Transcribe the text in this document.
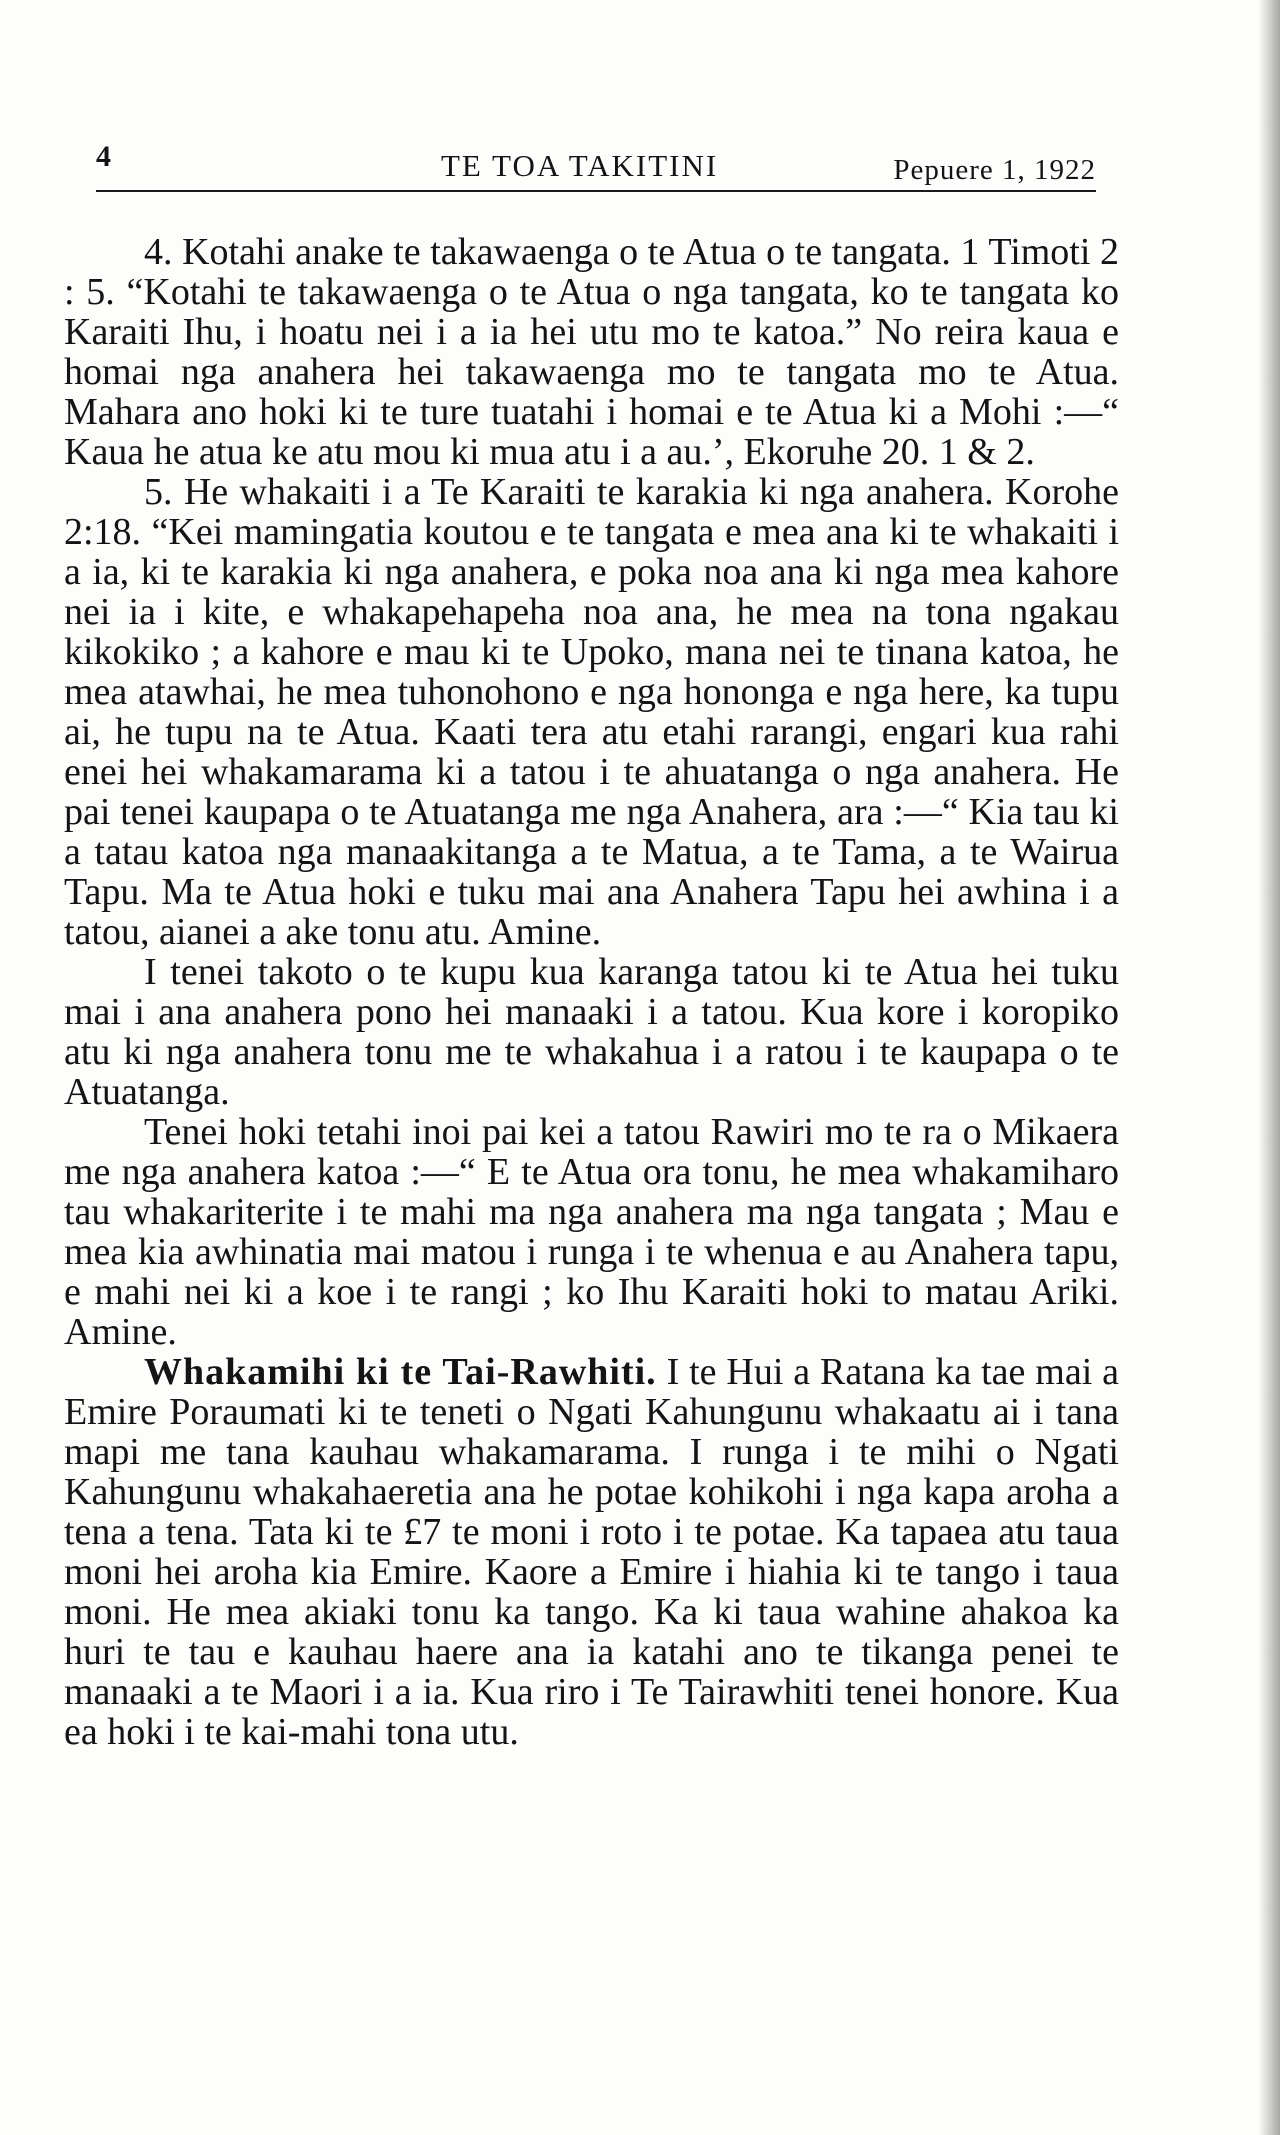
4	TE TOA TAKITINI	Pepuere 1, 1922

4. Kotahi anake te takawaenga o te Atua o te tangata. 1 Timoti 2 : 5. “Kotahi te takawaenga o te Atua o nga tangata, ko te tangata ko Karaiti Ihu, i hoatu nei i a ia hei utu mo te katoa.” No reira kaua e homai nga anahera hei takawaenga mo te tangata mo te Atua. Mahara ano hoki ki te ture tuatahi i homai e te Atua ki a Mohi :—“ Kaua he atua ke atu mou ki mua atu i a au.’, Ekoruhe 20. 1 & 2.

5. He whakaiti i a Te Karaiti te karakia ki nga anahera. Korohe 2:18. “Kei mamingatia koutou e te tangata e mea ana ki te whakaiti i a ia, ki te karakia ki nga anahera, e poka noa ana ki nga mea kahore nei ia i kite, e whakapehapeha noa ana, he mea na tona ngakau kikokiko ; a kahore e mau ki te Upoko, mana nei te tinana katoa, he mea atawhai, he mea tuhonohono e nga hononga e nga here, ka tupu ai, he tupu na te Atua. Kaati tera atu etahi rarangi, engari kua rahi enei hei whakamarama ki a tatou i te ahuatanga o nga anahera. He pai tenei kaupapa o te Atuatanga me nga Anahera, ara :—“ Kia tau ki a tatau katoa nga manaakitanga a te Matua, a te Tama, a te Wairua Tapu. Ma te Atua hoki e tuku mai ana Anahera Tapu hei awhina i a tatou, aianei a ake tonu atu. Amine.

I tenei takoto o te kupu kua karanga tatou ki te Atua hei tuku mai i ana anahera pono hei manaaki i a tatou. Kua kore i koropiko atu ki nga anahera tonu me te whakahua i a ratou i te kaupapa o te Atuatanga.

Tenei hoki tetahi inoi pai kei a tatou Rawiri mo te ra o Mikaera me nga anahera katoa :—“ E te Atua ora tonu, he mea whakamiharo tau whakariterite i te mahi ma nga anahera ma nga tangata ; Mau e mea kia awhinatia mai matou i runga i te whenua e au Anahera tapu, e mahi nei ki a koe i te rangi ; ko Ihu Karaiti hoki to matau Ariki. Amine.

Whakamihi ki te Tai-Rawhiti. I te Hui a Ratana ka tae mai a Emire Poraumati ki te teneti o Ngati Kahungunu whakaatu ai i tana mapi me tana kauhau whakamarama. I runga i te mihi o Ngati Kahungunu whakahaeretia ana he potae kohikohi i nga kapa aroha a tena a tena. Tata ki te £7 te moni i roto i te potae. Ka tapaea atu taua moni hei aroha kia Emire. Kaore a Emire i hiahia ki te tango i taua moni. He mea akiaki tonu ka tango. Ka ki taua wahine ahakoa ka huri te tau e kauhau haere ana ia katahi ano te tikanga penei te manaaki a te Maori i a ia. Kua riro i Te Tairawhiti tenei honore. Kua ea hoki i te kai-mahi tona utu.
